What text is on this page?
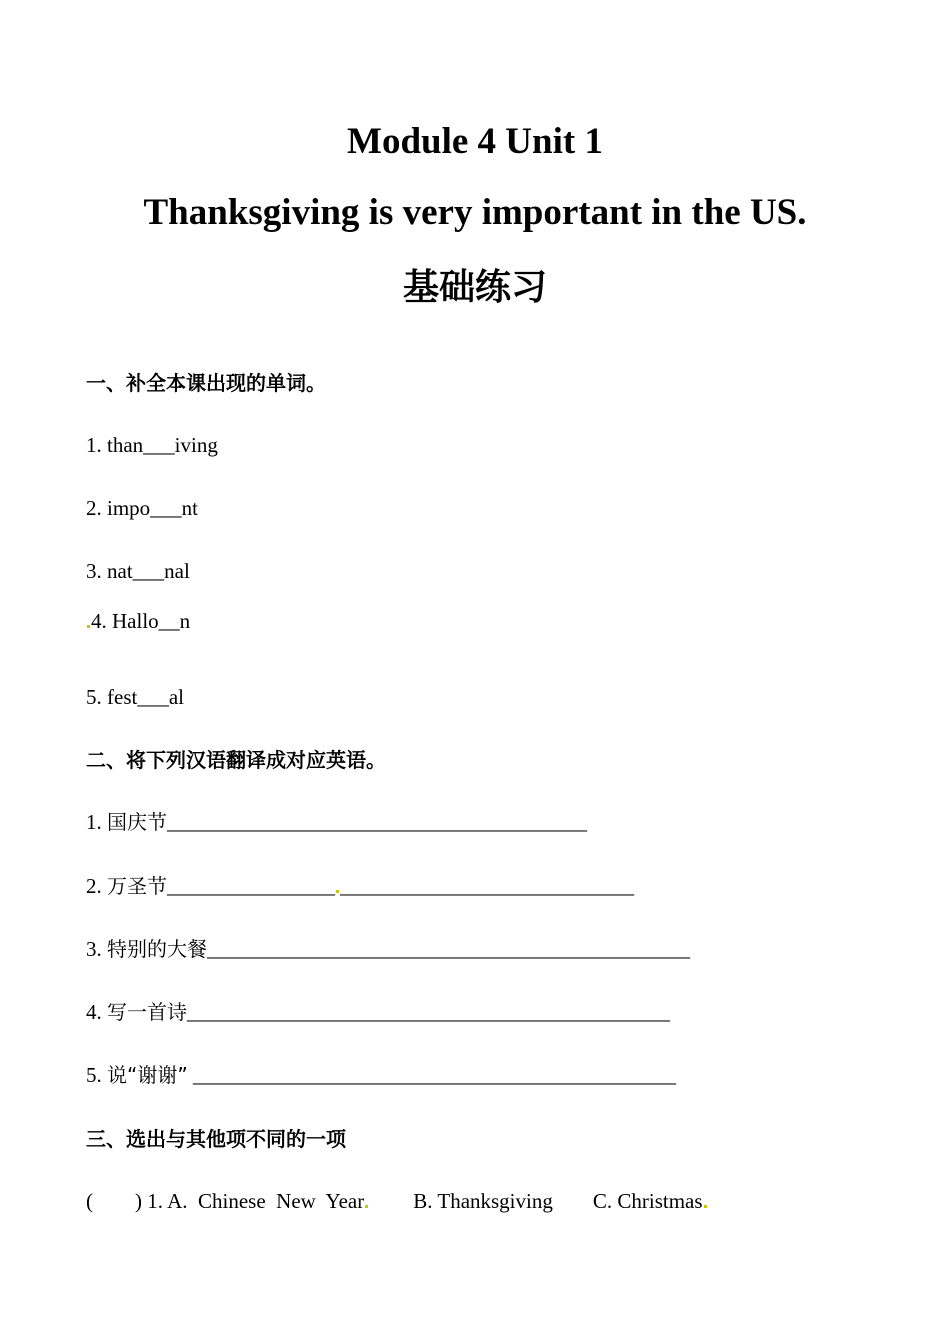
Module 4 Unit 1
Thanksgiving is very important in the US.
基础练习
一、补全本课出现的单词。
1. than___iving
2. impo___nt
3. nat___nal
4. Hallo__n
5. fest___al
二、将下列汉语翻译成对应英语。
1. 国庆节________________________________________
2. 万圣节________________ ____________________________
3. 特别的大餐______________________________________________
4. 写一首诗______________________________________________
5. 说“谢谢” ______________________________________________
三、选出与其他项不同的一项
(        ) 1. A.  Chinese  New  Year B. Thanksgiving C. Christmas
